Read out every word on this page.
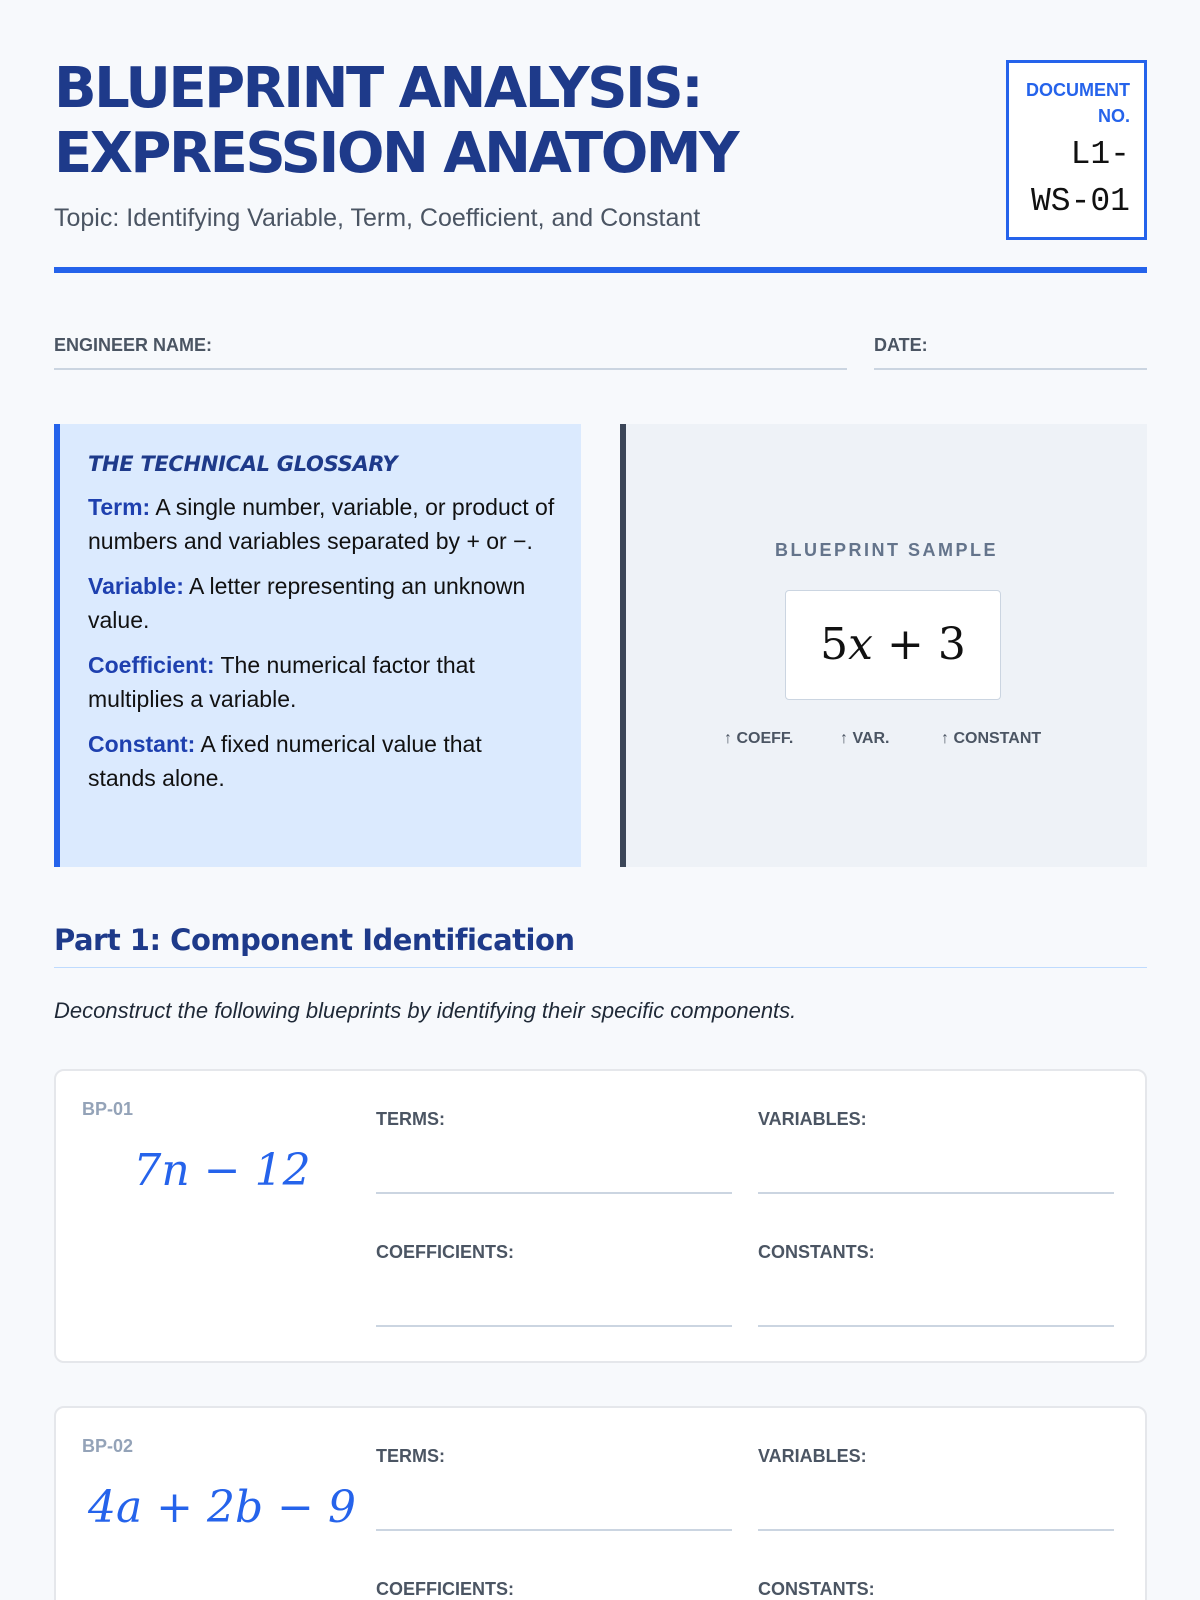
BLUEPRINT ANALYSIS:
EXPRESSION ANATOMY
Topic: Identifying Variable, Term, Coefficient, and Constant
DOCUMENT
NO.
L1-
WS-01
ENGINEER NAME:	DATE:
THE TECHNICAL GLOSSARY

Term: A single number, variable, or product of numbers and variables separated by + or −.

Variable: A letter representing an unknown value.

Coefficient: The numerical factor that multiplies a variable.

Constant: A fixed numerical value that stands alone.

BLUEPRINT SAMPLE
5𝑥 + 3
↑ COEFF.	↑ VAR.	↑ CONSTANT
Part 1: Component Identification

Deconstruct the following blueprints by identifying their specific components.

BP-01
7n − 12
TERMS:	VARIABLES:
COEFFICIENTS:	CONSTANTS:
BP-02
4a + 2b − 9
TERMS:	VARIABLES:
COEFFICIENTS:	CONSTANTS:
